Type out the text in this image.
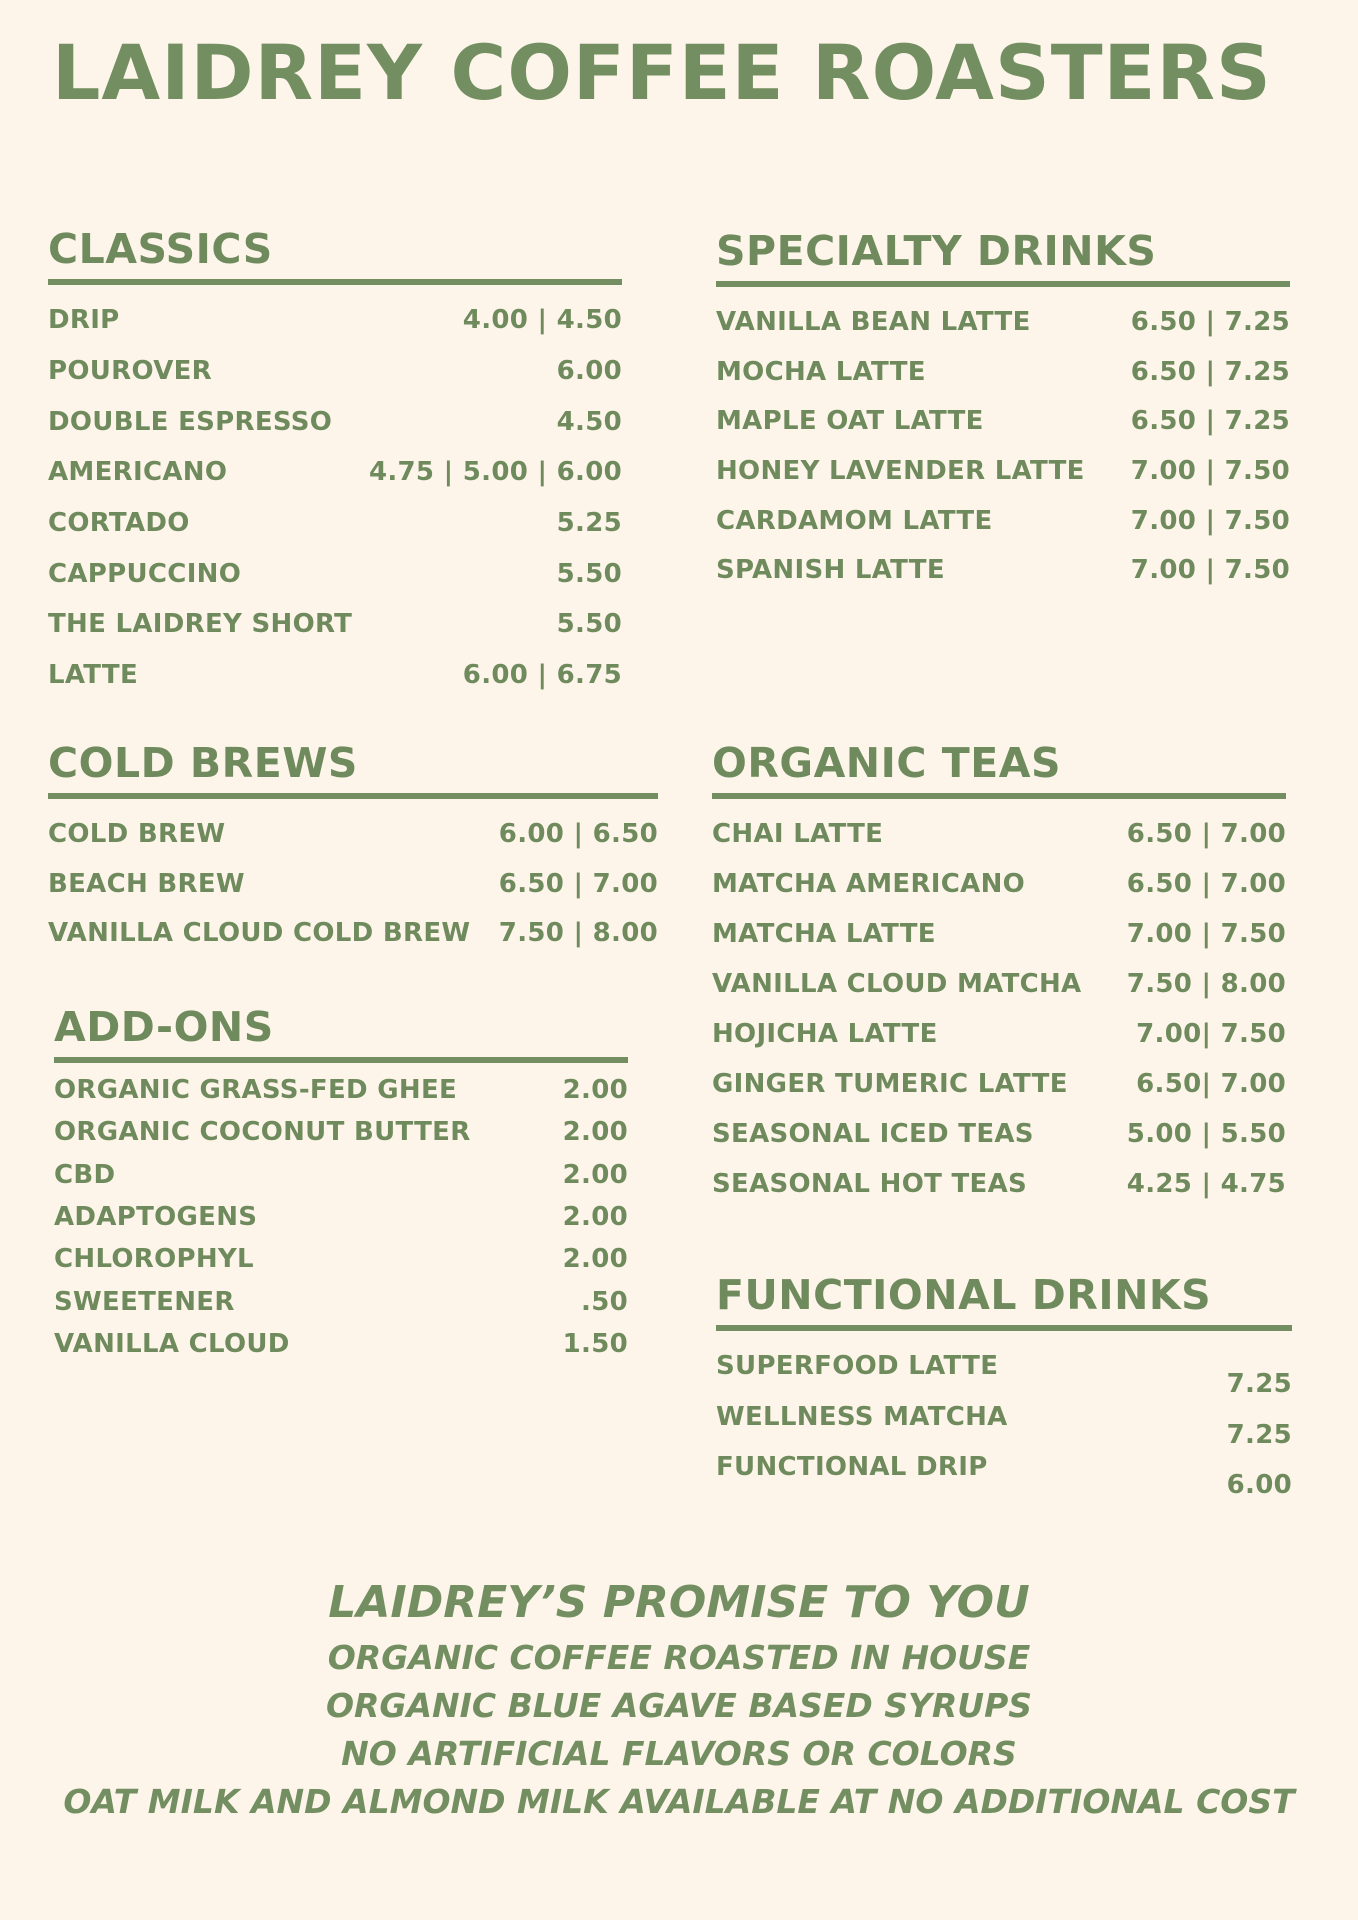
LAIDREY COFFEE ROASTERS
CLASSICS
DRIP	4.00 | 4.50
POUROVER	6.00
DOUBLE ESPRESSO	4.50
AMERICANO	4.75 | 5.00 | 6.00
CORTADO	5.25
CAPPUCCINO	5.50
THE LAIDREY SHORT	5.50
LATTE	6.00 | 6.75
SPECIALTY DRINKS
VANILLA BEAN LATTE	6.50 | 7.25
MOCHA LATTE	6.50 | 7.25
MAPLE OAT LATTE	6.50 | 7.25
HONEY LAVENDER LATTE 7.00 | 7.50
CARDAMOM LATTE	7.00 | 7.50
SPANISH LATTE	7.00 | 7.50
COLD BREWS
COLD BREW	6.00 | 6.50
BEACH BREW	6.50 | 7.00
VANILLA CLOUD COLD BREW 7.50 | 8.00
ORGANIC TEAS
CHAI LATTE	6.50 | 7.00
MATCHA AMERICANO	6.50 | 7.00
MATCHA LATTE	7.00 | 7.50
VANILLA CLOUD MATCHA 7.50 | 8.00
HOJICHA LATTE	7.00| 7.50
GINGER TUMERIC LATTE	6.50| 7.00
SEASONAL ICED TEAS	5.00 | 5.50
SEASONAL HOT TEAS	4.25 | 4.75
ADD-ONS
ORGANIC GRASS-FED GHEE	2.00
ORGANIC COCONUT BUTTER	2.00
CBD	2.00
ADAPTOGENS	2.00
CHLOROPHYL	2.00
SWEETENER	.50
VANILLA CLOUD	1.50
FUNCTIONAL DRINKS
SUPERFOOD LATTE
7.25
WELLNESS MATCHA
7.25
FUNCTIONAL DRIP
6.00
LAIDREY’S PROMISE TO YOU
ORGANIC COFFEE ROASTED IN HOUSE
ORGANIC BLUE AGAVE BASED SYRUPS
NO ARTIFICIAL FLAVORS OR COLORS
OAT MILK AND ALMOND MILK AVAILABLE AT NO ADDITIONAL COST
